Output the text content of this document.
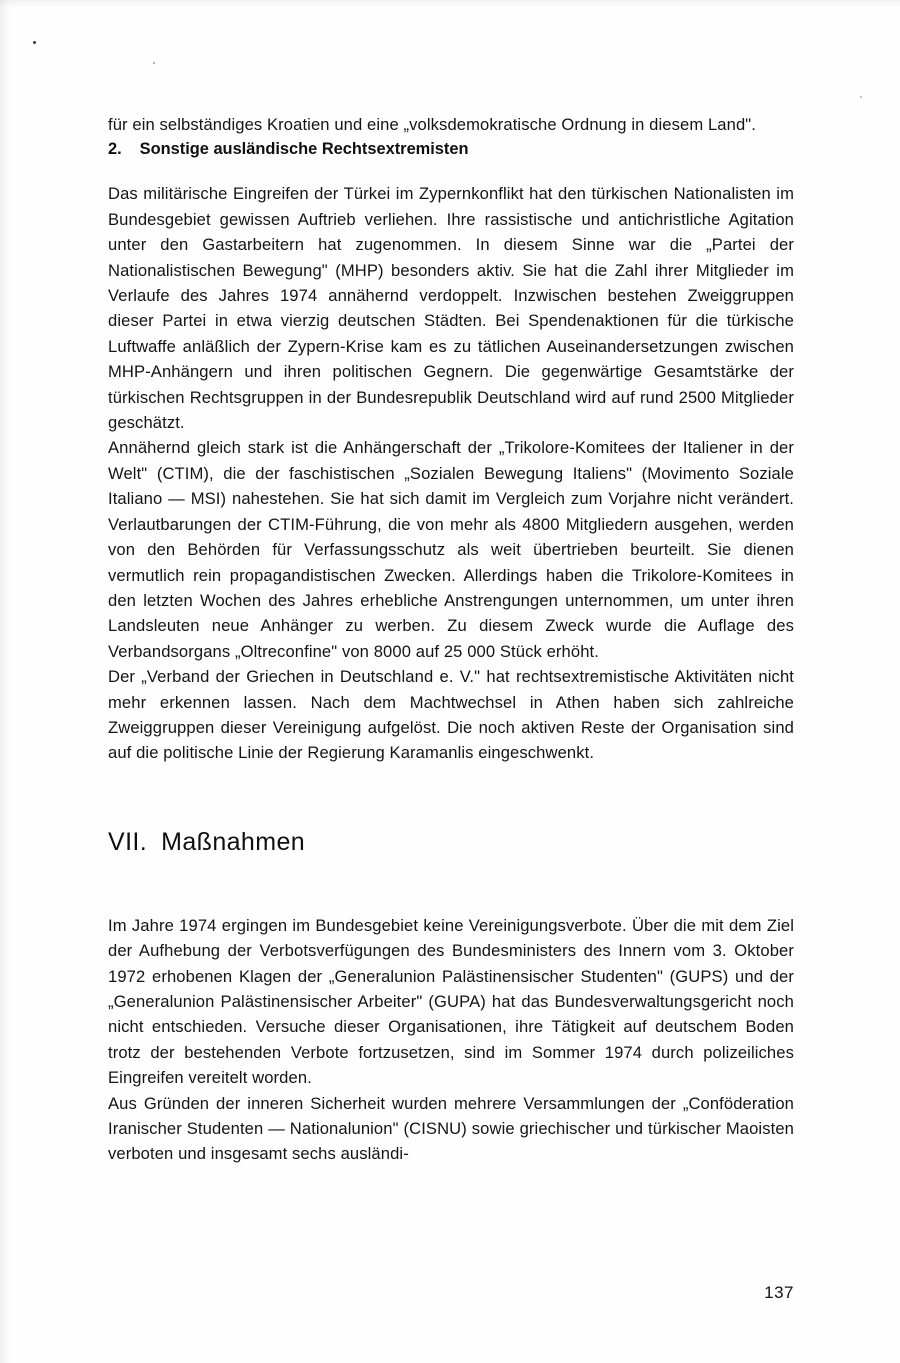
für ein selbständiges Kroatien und eine „volksdemokratische Ordnung in diesem Land".

2. Sonstige ausländische Rechtsextremisten

Das militärische Eingreifen der Türkei im Zypernkonflikt hat den türkischen Nationalisten im Bundesgebiet gewissen Auftrieb verliehen. Ihre rassistische und antichristliche Agitation unter den Gastarbeitern hat zugenommen. In diesem Sinne war die „Partei der Nationalistischen Bewegung" (MHP) besonders aktiv. Sie hat die Zahl ihrer Mitglieder im Verlaufe des Jahres 1974 annähernd verdoppelt. Inzwischen bestehen Zweiggruppen dieser Partei in etwa vierzig deutschen Städten. Bei Spendenaktionen für die türkische Luftwaffe anläßlich der Zypern-Krise kam es zu tätlichen Auseinandersetzungen zwischen MHP-Anhängern und ihren politischen Gegnern. Die gegenwärtige Gesamtstärke der türkischen Rechtsgruppen in der Bundesrepublik Deutschland wird auf rund 2500 Mitglieder geschätzt.

Annähernd gleich stark ist die Anhängerschaft der „Trikolore-Komitees der Italiener in der Welt" (CTIM), die der faschistischen „Sozialen Bewegung Italiens" (Movimento Soziale Italiano — MSI) nahestehen. Sie hat sich damit im Vergleich zum Vorjahre nicht verändert. Verlautbarungen der CTIM-Führung, die von mehr als 4800 Mitgliedern ausgehen, werden von den Behörden für Verfassungsschutz als weit übertrieben beurteilt. Sie dienen vermutlich rein propagandistischen Zwecken. Allerdings haben die Trikolore-Komitees in den letzten Wochen des Jahres erhebliche Anstrengungen unternommen, um unter ihren Landsleuten neue Anhänger zu werben. Zu diesem Zweck wurde die Auflage des Verbandsorgans „Oltreconfine" von 8000 auf 25 000 Stück erhöht.

Der „Verband der Griechen in Deutschland e. V." hat rechtsextremistische Aktivitäten nicht mehr erkennen lassen. Nach dem Machtwechsel in Athen haben sich zahlreiche Zweiggruppen dieser Vereinigung aufgelöst. Die noch aktiven Reste der Organisation sind auf die politische Linie der Regierung Karamanlis eingeschwenkt.

VII. Maßnahmen

Im Jahre 1974 ergingen im Bundesgebiet keine Vereinigungsverbote. Über die mit dem Ziel der Aufhebung der Verbotsverfügungen des Bundesministers des Innern vom 3. Oktober 1972 erhobenen Klagen der „Generalunion Palästinensischer Studenten" (GUPS) und der „Generalunion Palästinensischer Arbeiter" (GUPA) hat das Bundesverwaltungsgericht noch nicht entschieden. Versuche dieser Organisationen, ihre Tätigkeit auf deutschem Boden trotz der bestehenden Verbote fortzusetzen, sind im Sommer 1974 durch polizeiliches Eingreifen vereitelt worden.

Aus Gründen der inneren Sicherheit wurden mehrere Versammlungen der „Conföderation Iranischer Studenten — Nationalunion" (CISNU) sowie griechischer und türkischer Maoisten verboten und insgesamt sechs ausländi-

137
